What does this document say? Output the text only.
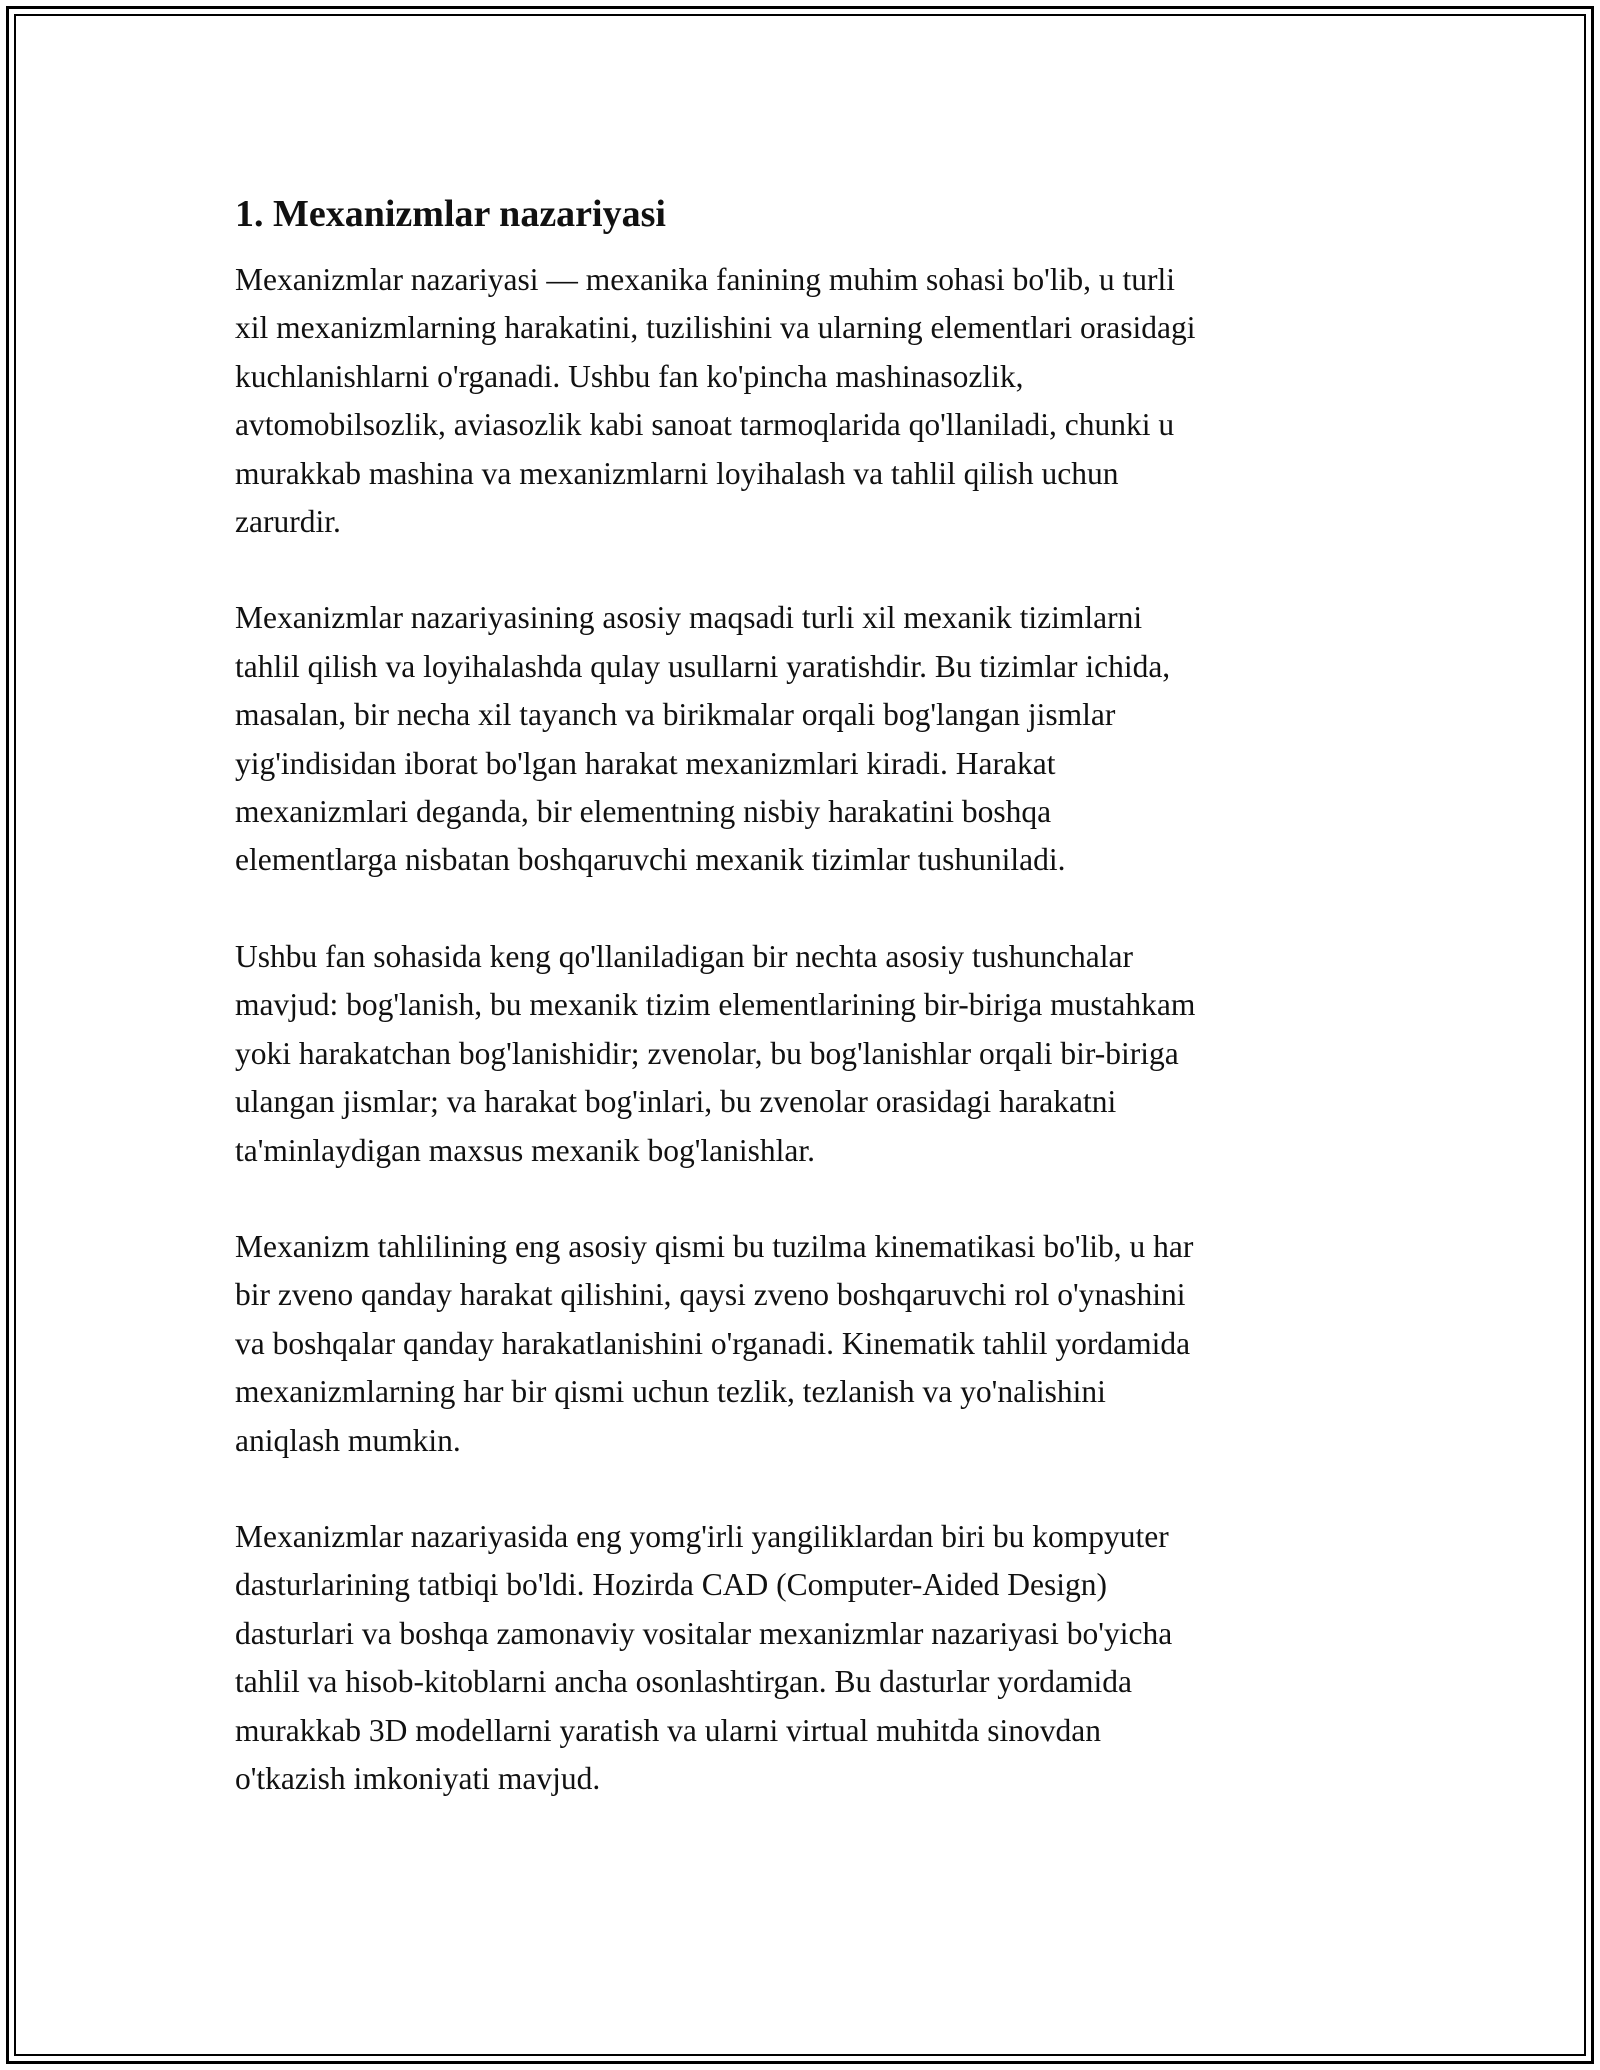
1. Mexanizmlar nazariyasi

Mexanizmlar nazariyasi — mexanika fanining muhim sohasi bo'lib, u turli
xil mexanizmlarning harakatini, tuzilishini va ularning elementlari orasidagi
kuchlanishlarni o'rganadi. Ushbu fan ko'pincha mashinasozlik,
avtomobilsozlik, aviasozlik kabi sanoat tarmoqlarida qo'llaniladi, chunki u
murakkab mashina va mexanizmlarni loyihalash va tahlil qilish uchun
zarurdir.

Mexanizmlar nazariyasining asosiy maqsadi turli xil mexanik tizimlarni
tahlil qilish va loyihalashda qulay usullarni yaratishdir. Bu tizimlar ichida,
masalan, bir necha xil tayanch va birikmalar orqali bog'langan jismlar
yig'indisidan iborat bo'lgan harakat mexanizmlari kiradi. Harakat
mexanizmlari deganda, bir elementning nisbiy harakatini boshqa
elementlarga nisbatan boshqaruvchi mexanik tizimlar tushuniladi.

Ushbu fan sohasida keng qo'llaniladigan bir nechta asosiy tushunchalar
mavjud: bog'lanish, bu mexanik tizim elementlarining bir-biriga mustahkam
yoki harakatchan bog'lanishidir; zvenolar, bu bog'lanishlar orqali bir-biriga
ulangan jismlar; va harakat bog'inlari, bu zvenolar orasidagi harakatni
ta'minlaydigan maxsus mexanik bog'lanishlar.

Mexanizm tahlilining eng asosiy qismi bu tuzilma kinematikasi bo'lib, u har
bir zveno qanday harakat qilishini, qaysi zveno boshqaruvchi rol o'ynashini
va boshqalar qanday harakatlanishini o'rganadi. Kinematik tahlil yordamida
mexanizmlarning har bir qismi uchun tezlik, tezlanish va yo'nalishini
aniqlash mumkin.

Mexanizmlar nazariyasida eng yomg'irli yangiliklardan biri bu kompyuter
dasturlarining tatbiqi bo'ldi. Hozirda CAD (Computer-Aided Design)
dasturlari va boshqa zamonaviy vositalar mexanizmlar nazariyasi bo'yicha
tahlil va hisob-kitoblarni ancha osonlashtirgan. Bu dasturlar yordamida
murakkab 3D modellarni yaratish va ularni virtual muhitda sinovdan
o'tkazish imkoniyati mavjud.
